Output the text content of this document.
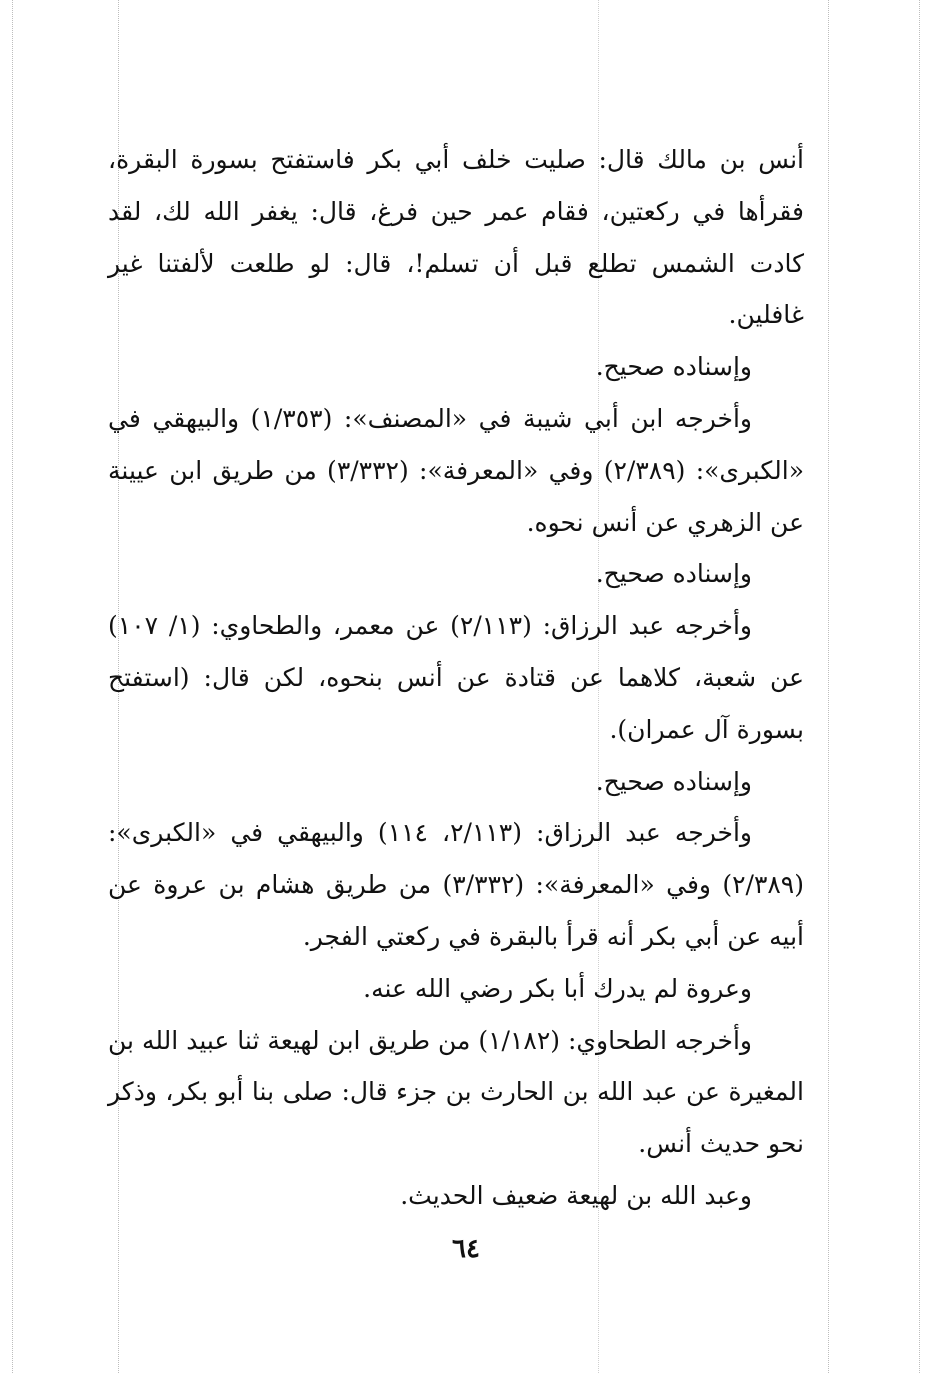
أنس بن مالك قال: صليت خلف أبي بكر فاستفتح بسورة البقرة، فقرأها في ركعتين، فقام عمر حين فرغ، قال: يغفر الله لك، لقد كادت الشمس تطلع قبل أن تسلم!، قال: لو طلعت لألفتنا غير غافلين.

وإسناده صحيح.

وأخرجه ابن أبي شيبة في «المصنف»: (١/٣٥٣) والبيهقي في «الكبرى»: (٢/٣٨٩) وفي «المعرفة»: (٣/٣٣٢) من طريق ابن عيينة عن الزهري عن أنس نحوه.

وإسناده صحيح.

وأخرجه عبد الرزاق: (٢/١١٣) عن معمر، والطحاوي: (١/ ١٠٧) عن شعبة، كلاهما عن قتادة عن أنس بنحوه، لكن قال: (استفتح بسورة آل عمران).

وإسناده صحيح.

وأخرجه عبد الرزاق: (٢/١١٣، ١١٤) والبيهقي في «الكبرى»: (٢/٣٨٩) وفي «المعرفة»: (٣/٣٣٢) من طريق هشام بن عروة عن أبيه عن أبي بكر أنه قرأ بالبقرة في ركعتي الفجر.

وعروة لم يدرك أبا بكر رضي الله عنه.

وأخرجه الطحاوي: (١/١٨٢) من طريق ابن لهيعة ثنا عبيد الله بن المغيرة عن عبد الله بن الحارث بن جزء قال: صلى بنا أبو بكر، وذكر نحو حديث أنس.

وعبد الله بن لهيعة ضعيف الحديث.

٦٤
